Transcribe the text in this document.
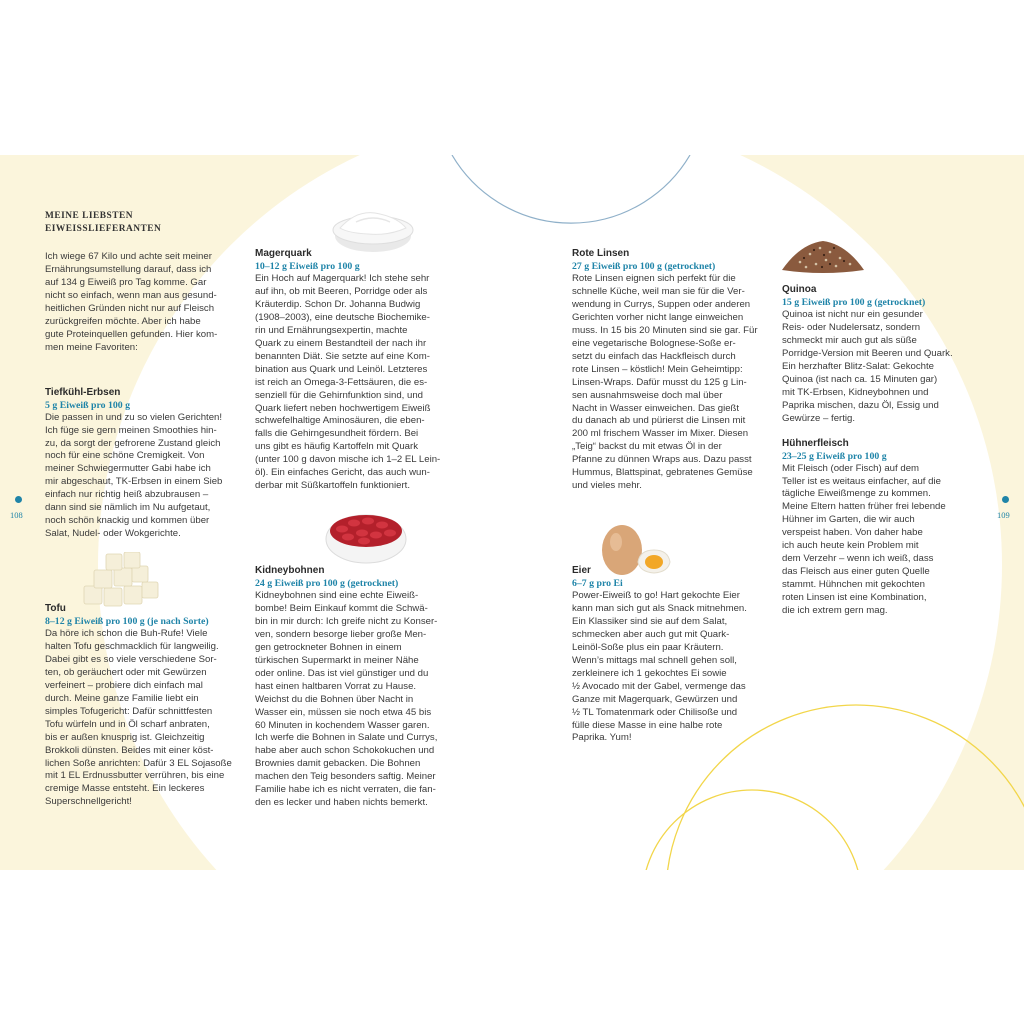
108	109

MEINE LIEBSTEN
EIWEISSLIEFERANTEN

Ich wiege 67 Kilo und achte seit meiner
Ernährungsumstellung darauf, dass ich
auf 134 g Eiweiß pro Tag komme. Gar
nicht so einfach, wenn man aus gesund-
heitlichen Gründen nicht nur auf Fleisch
zurückgreifen möchte. Aber ich habe
gute Proteinquellen gefunden. Hier kom-
men meine Favoriten:

Tiefkühl-Erbsen

5 g Eiweiß pro 100 g

Die passen in und zu so vielen Gerichten!
Ich füge sie gern meinen Smoothies hin-
zu, da sorgt der gefrorene Zustand gleich
noch für eine schöne Cremigkeit. Von
meiner Schwiegermutter Gabi habe ich
mir abgeschaut, TK-Erbsen in einem Sieb
einfach nur richtig heiß abzubrausen –
dann sind sie nämlich im Nu aufgetaut,
noch schön knackig und kommen über
Salat, Nudel- oder Wokgerichte.

Tofu

8–12 g Eiweiß pro 100 g (je nach Sorte)

Da höre ich schon die Buh-Rufe! Viele
halten Tofu geschmacklich für langweilig.
Dabei gibt es so viele verschiedene Sor-
ten, ob geräuchert oder mit Gewürzen
verfeinert – probiere dich einfach mal
durch. Meine ganze Familie liebt ein
simples Tofugericht: Dafür schnittfesten
Tofu würfeln und in Öl scharf anbraten,
bis er außen knusprig ist. Gleichzeitig
Brokkoli dünsten. Beides mit einer köst-
lichen Soße anrichten: Dafür 3 EL Sojasoße
mit 1 EL Erdnussbutter verrühren, bis eine
cremige Masse entsteht. Ein leckeres
Superschnellgericht!

Magerquark

10–12 g Eiweiß pro 100 g

Ein Hoch auf Magerquark! Ich stehe sehr
auf ihn, ob mit Beeren, Porridge oder als
Kräuterdip. Schon Dr. Johanna Budwig
(1908–2003), eine deutsche Biochemike-
rin und Ernährungsexpertin, machte
Quark zu einem Bestandteil der nach ihr
benannten Diät. Sie setzte auf eine Kom-
bination aus Quark und Leinöl. Letzteres
ist reich an Omega-3-Fettsäuren, die es-
senziell für die Gehirnfunktion sind, und
Quark liefert neben hochwertigem Eiweiß
schwefelhaltige Aminosäuren, die eben-
falls die Gehirngesundheit fördern. Bei
uns gibt es häufig Kartoffeln mit Quark
(unter 100 g davon mische ich 1–2 EL Lein-
öl). Ein einfaches Gericht, das auch wun-
derbar mit Süßkartoffeln funktioniert.

Kidneybohnen

24 g Eiweiß pro 100 g (getrocknet)

Kidneybohnen sind eine echte Eiweiß-
bombe! Beim Einkauf kommt die Schwä-
bin in mir durch: Ich greife nicht zu Konser-
ven, sondern besorge lieber große Men-
gen getrockneter Bohnen in einem
türkischen Supermarkt in meiner Nähe
oder online. Das ist viel günstiger und du
hast einen haltbaren Vorrat zu Hause.
Weichst du die Bohnen über Nacht in
Wasser ein, müssen sie noch etwa 45 bis
60 Minuten in kochendem Wasser garen.
Ich werfe die Bohnen in Salate und Currys,
habe aber auch schon Schokokuchen und
Brownies damit gebacken. Die Bohnen
machen den Teig besonders saftig. Meiner
Familie habe ich es nicht verraten, die fan-
den es lecker und haben nichts bemerkt.

Rote Linsen

27 g Eiweiß pro 100 g (getrocknet)

Rote Linsen eignen sich perfekt für die
schnelle Küche, weil man sie für die Ver-
wendung in Currys, Suppen oder anderen
Gerichten vorher nicht lange einweichen
muss. In 15 bis 20 Minuten sind sie gar. Für
eine vegetarische Bolognese-Soße er-
setzt du einfach das Hackfleisch durch
rote Linsen – köstlich! Mein Geheimtipp:
Linsen-Wraps. Dafür musst du 125 g Lin-
sen ausnahmsweise doch mal über
Nacht in Wasser einweichen. Das gießt
du danach ab und pürierst die Linsen mit
200 ml frischem Wasser im Mixer. Diesen
„Teig“ backst du mit etwas Öl in der
Pfanne zu dünnen Wraps aus. Dazu passt
Hummus, Blattspinat, gebratenes Gemüse
und vieles mehr.

Eier

6–7 g pro Ei

Power-Eiweiß to go! Hart gekochte Eier
kann man sich gut als Snack mitnehmen.
Ein Klassiker sind sie auf dem Salat,
schmecken aber auch gut mit Quark-
Leinöl-Soße plus ein paar Kräutern.
Wenn’s mittags mal schnell gehen soll,
zerkleinere ich 1 gekochtes Ei sowie
½ Avocado mit der Gabel, vermenge das
Ganze mit Magerquark, Gewürzen und
½ TL Tomatenmark oder Chilisoße und
fülle diese Masse in eine halbe rote
Paprika. Yum!

Quinoa

15 g Eiweiß pro 100 g (getrocknet)

Quinoa ist nicht nur ein gesunder
Reis- oder Nudelersatz, sondern
schmeckt mir auch gut als süße
Porridge-Version mit Beeren und Quark.
Ein herzhafter Blitz-Salat: Gekochte
Quinoa (ist nach ca. 15 Minuten gar)
mit TK-Erbsen, Kidneybohnen und
Paprika mischen, dazu Öl, Essig und
Gewürze – fertig.

Hühnerfleisch

23–25 g Eiweiß pro 100 g

Mit Fleisch (oder Fisch) auf dem
Teller ist es weitaus einfacher, auf die
tägliche Eiweißmenge zu kommen.
Meine Eltern hatten früher frei lebende
Hühner im Garten, die wir auch
verspeist haben. Von daher habe
ich auch heute kein Problem mit
dem Verzehr – wenn ich weiß, dass
das Fleisch aus einer guten Quelle
stammt. Hühnchen mit gekochten
roten Linsen ist eine Kombination,
die ich extrem gern mag.
